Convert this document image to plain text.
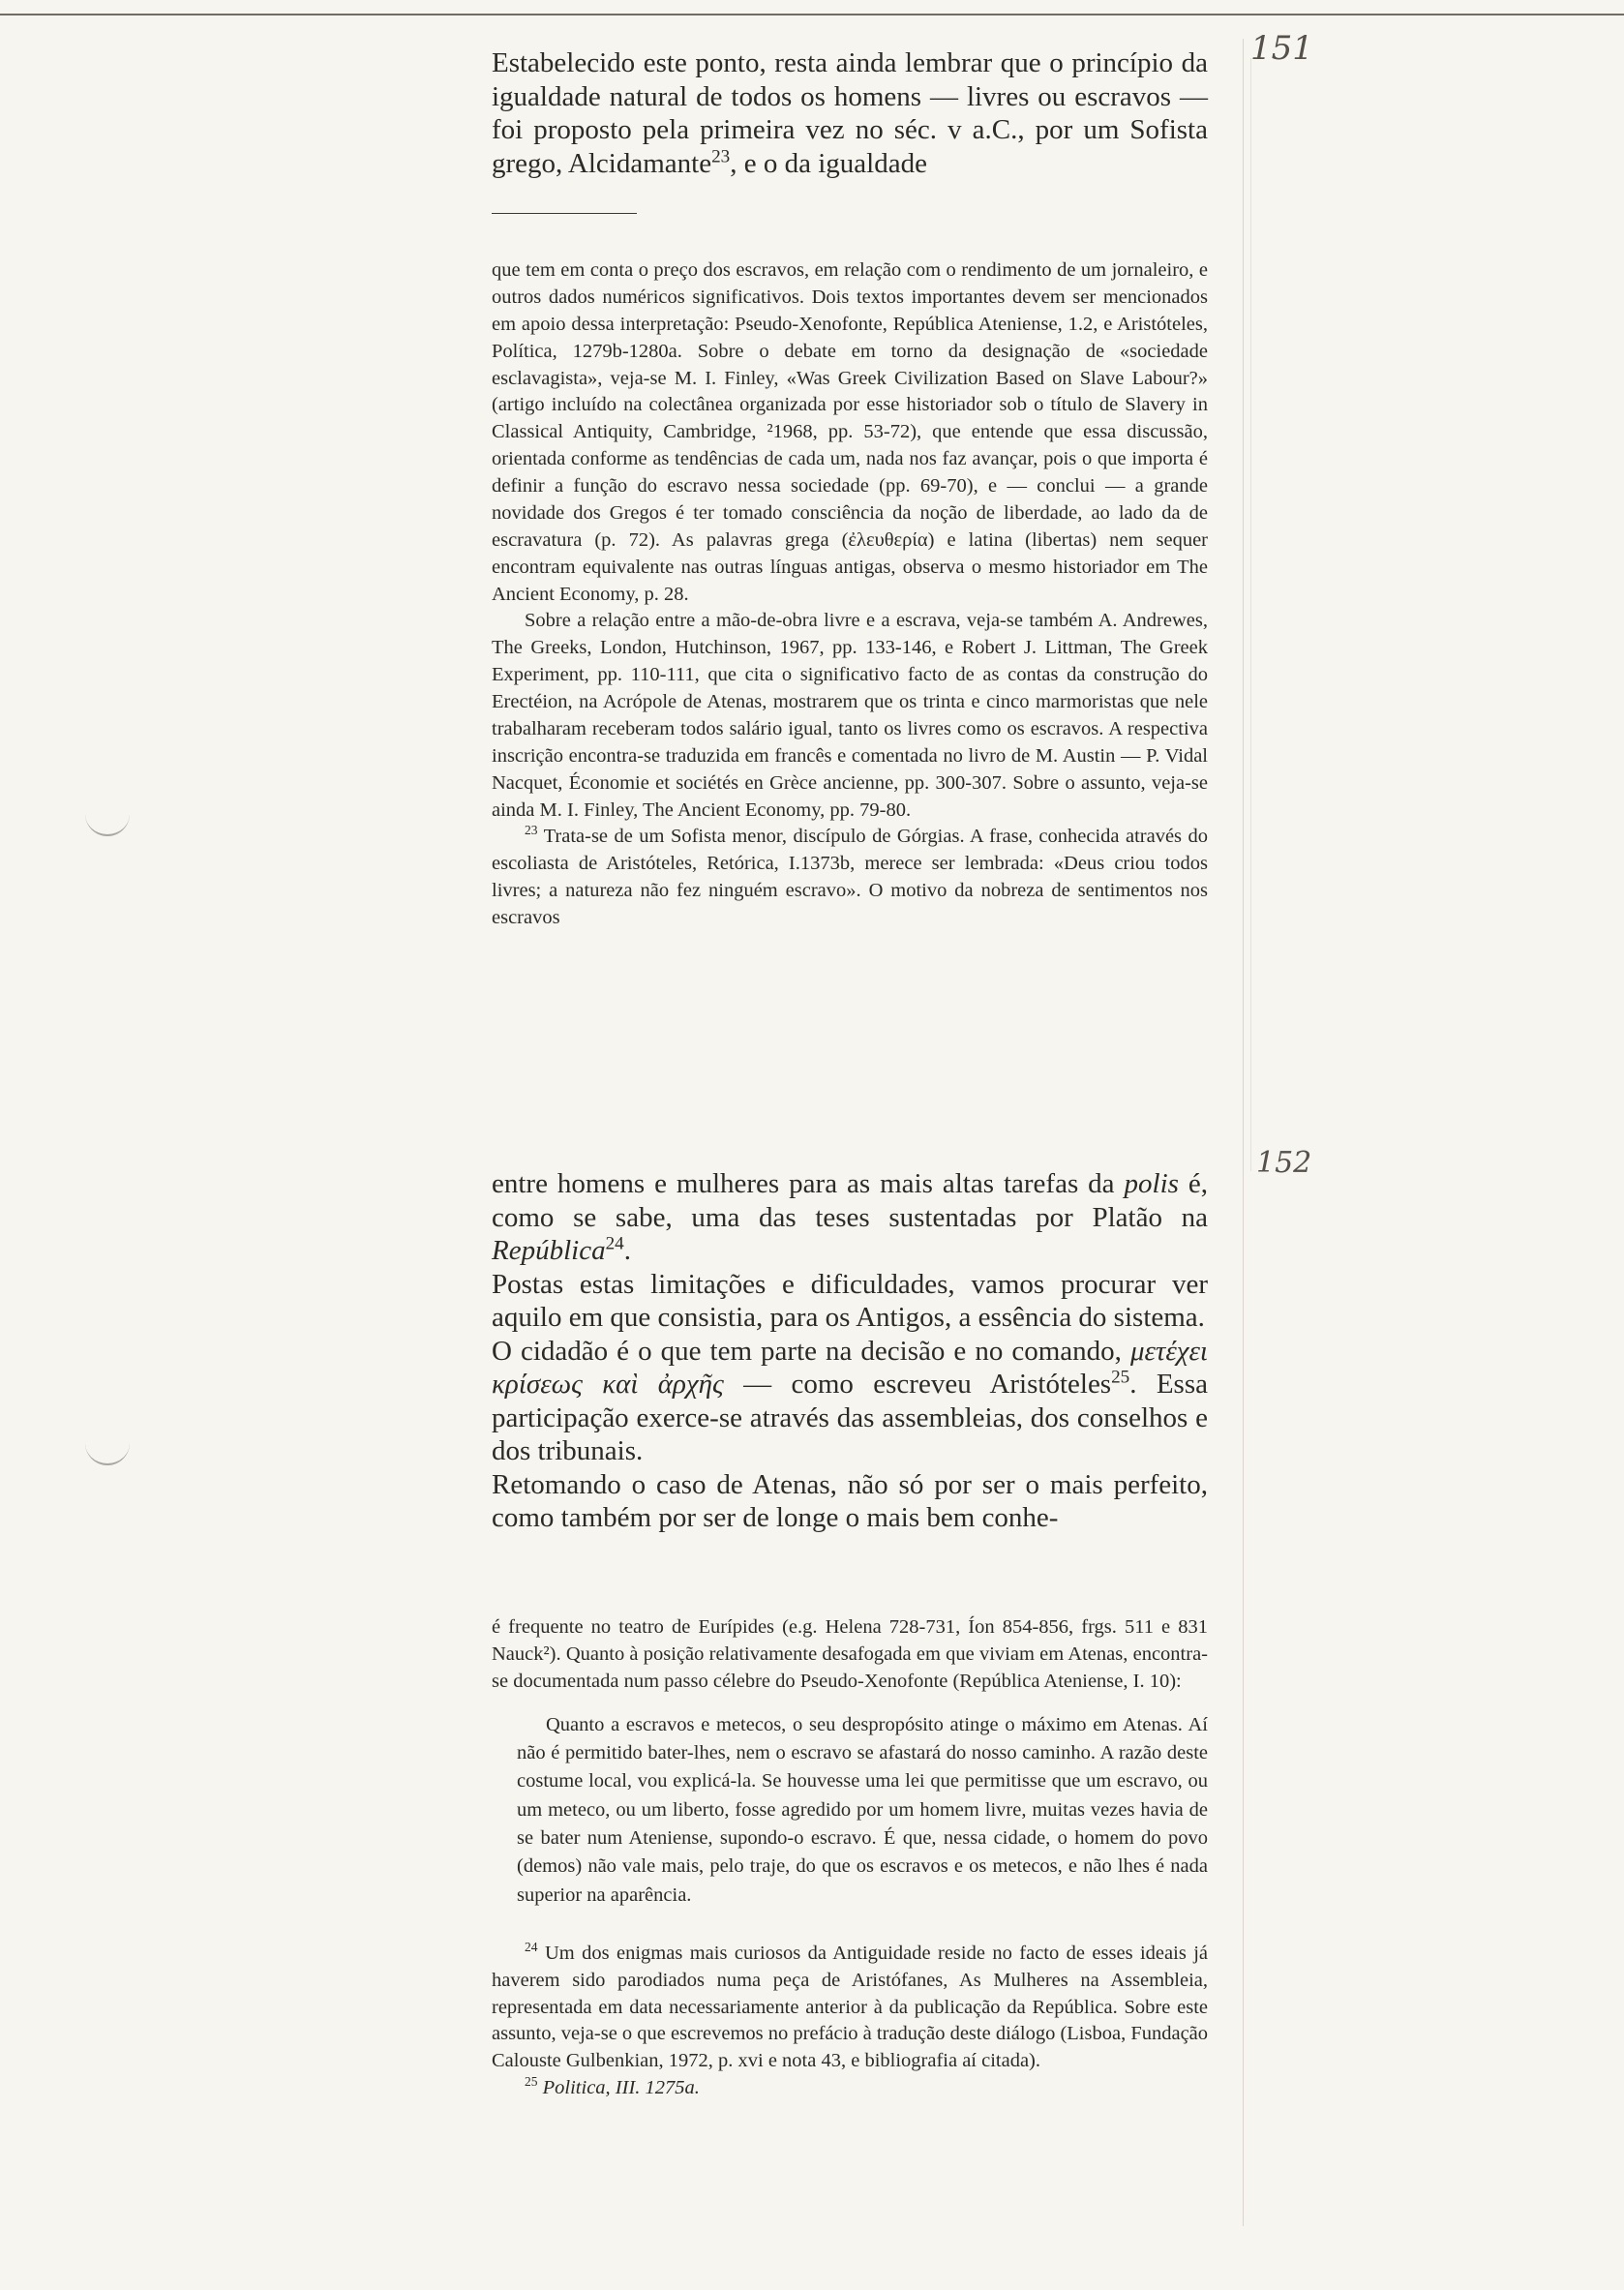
151
152

Estabelecido este ponto, resta ainda lembrar que o princípio da igualdade natural de todos os homens — livres ou escravos — foi proposto pela primeira vez no séc. v a.C., por um Sofista grego, Alcidamante$^{23}$, e o da igualdade

que tem em conta o preço dos escravos, em relação com o rendimento de um jornaleiro, e outros dados numéricos significativos. Dois textos importantes devem ser mencionados em apoio dessa interpretação: Pseudo-Xenofonte, República Ateniense, 1.2, e Aristóteles, Política, 1279b-1280a. Sobre o debate em torno da designação de «sociedade esclavagista», veja-se M. I. Finley, «Was Greek Civilization Based on Slave Labour?» (artigo incluído na colectânea organizada por esse historiador sob o título de Slavery in Classical Antiquity, Cambridge, ²1968, pp. 53-72), que entende que essa discussão, orientada conforme as tendências de cada um, nada nos faz avançar, pois o que importa é definir a função do escravo nessa sociedade (pp. 69-70), e — conclui — a grande novidade dos Gregos é ter tomado consciência da noção de liberdade, ao lado da de escravatura (p. 72). As palavras grega (ἐλευθερία) e latina (libertas) nem sequer encontram equivalente nas outras línguas antigas, observa o mesmo historiador em The Ancient Economy, p. 28.

Sobre a relação entre a mão-de-obra livre e a escrava, veja-se também A. Andrewes, The Greeks, London, Hutchinson, 1967, pp. 133-146, e Robert J. Littman, The Greek Experiment, pp. 110-111, que cita o significativo facto de as contas da construção do Erectéion, na Acrópole de Atenas, mostrarem que os trinta e cinco marmoristas que nele trabalharam receberam todos salário igual, tanto os livres como os escravos. A respectiva inscrição encontra-se traduzida em francês e comentada no livro de M. Austin — P. Vidal Nacquet, Économie et sociétés en Grèce ancienne, pp. 300-307. Sobre o assunto, veja-se ainda M. I. Finley, The Ancient Economy, pp. 79-80.

$^{23}$ Trata-se de um Sofista menor, discípulo de Górgias. A frase, conhecida através do escoliasta de Aristóteles, Retórica, I.1373b, merece ser lembrada: «Deus criou todos livres; a natureza não fez ninguém escravo». O motivo da nobreza de sentimentos nos escravos

entre homens e mulheres para as mais altas tarefas da polis é, como se sabe, uma das teses sustentadas por Platão na República$^{24}$.

Postas estas limitações e dificuldades, vamos procurar ver aquilo em que consistia, para os Antigos, a essência do sistema.

O cidadão é o que tem parte na decisão e no comando, μετέχει κρίσεως καὶ ἀρχῆς — como escreveu Aristóteles$^{25}$. Essa participação exerce-se através das assembleias, dos conselhos e dos tribunais.

Retomando o caso de Atenas, não só por ser o mais perfeito, como também por ser de longe o mais bem conhe-

é frequente no teatro de Eurípides (e.g. Helena 728-731, Íon 854-856, frgs. 511 e 831 Nauck²). Quanto à posição relativamente desafogada em que viviam em Atenas, encontra-se documentada num passo célebre do Pseudo-Xenofonte (República Ateniense, I. 10):

Quanto a escravos e metecos, o seu despropósito atinge o máximo em Atenas. Aí não é permitido bater-lhes, nem o escravo se afastará do nosso caminho. A razão deste costume local, vou explicá-la. Se houvesse uma lei que permitisse que um escravo, ou um meteco, ou um liberto, fosse agredido por um homem livre, muitas vezes havia de se bater num Ateniense, supondo-o escravo. É que, nessa cidade, o homem do povo (demos) não vale mais, pelo traje, do que os escravos e os metecos, e não lhes é nada superior na aparência.

$^{24}$ Um dos enigmas mais curiosos da Antiguidade reside no facto de esses ideais já haverem sido parodiados numa peça de Aristófanes, As Mulheres na Assembleia, representada em data necessariamente anterior à da publicação da República. Sobre este assunto, veja-se o que escrevemos no prefácio à tradução deste diálogo (Lisboa, Fundação Calouste Gulbenkian, 1972, p. xvi e nota 43, e bibliografia aí citada).

$^{25}$ Politica, III. 1275a.
